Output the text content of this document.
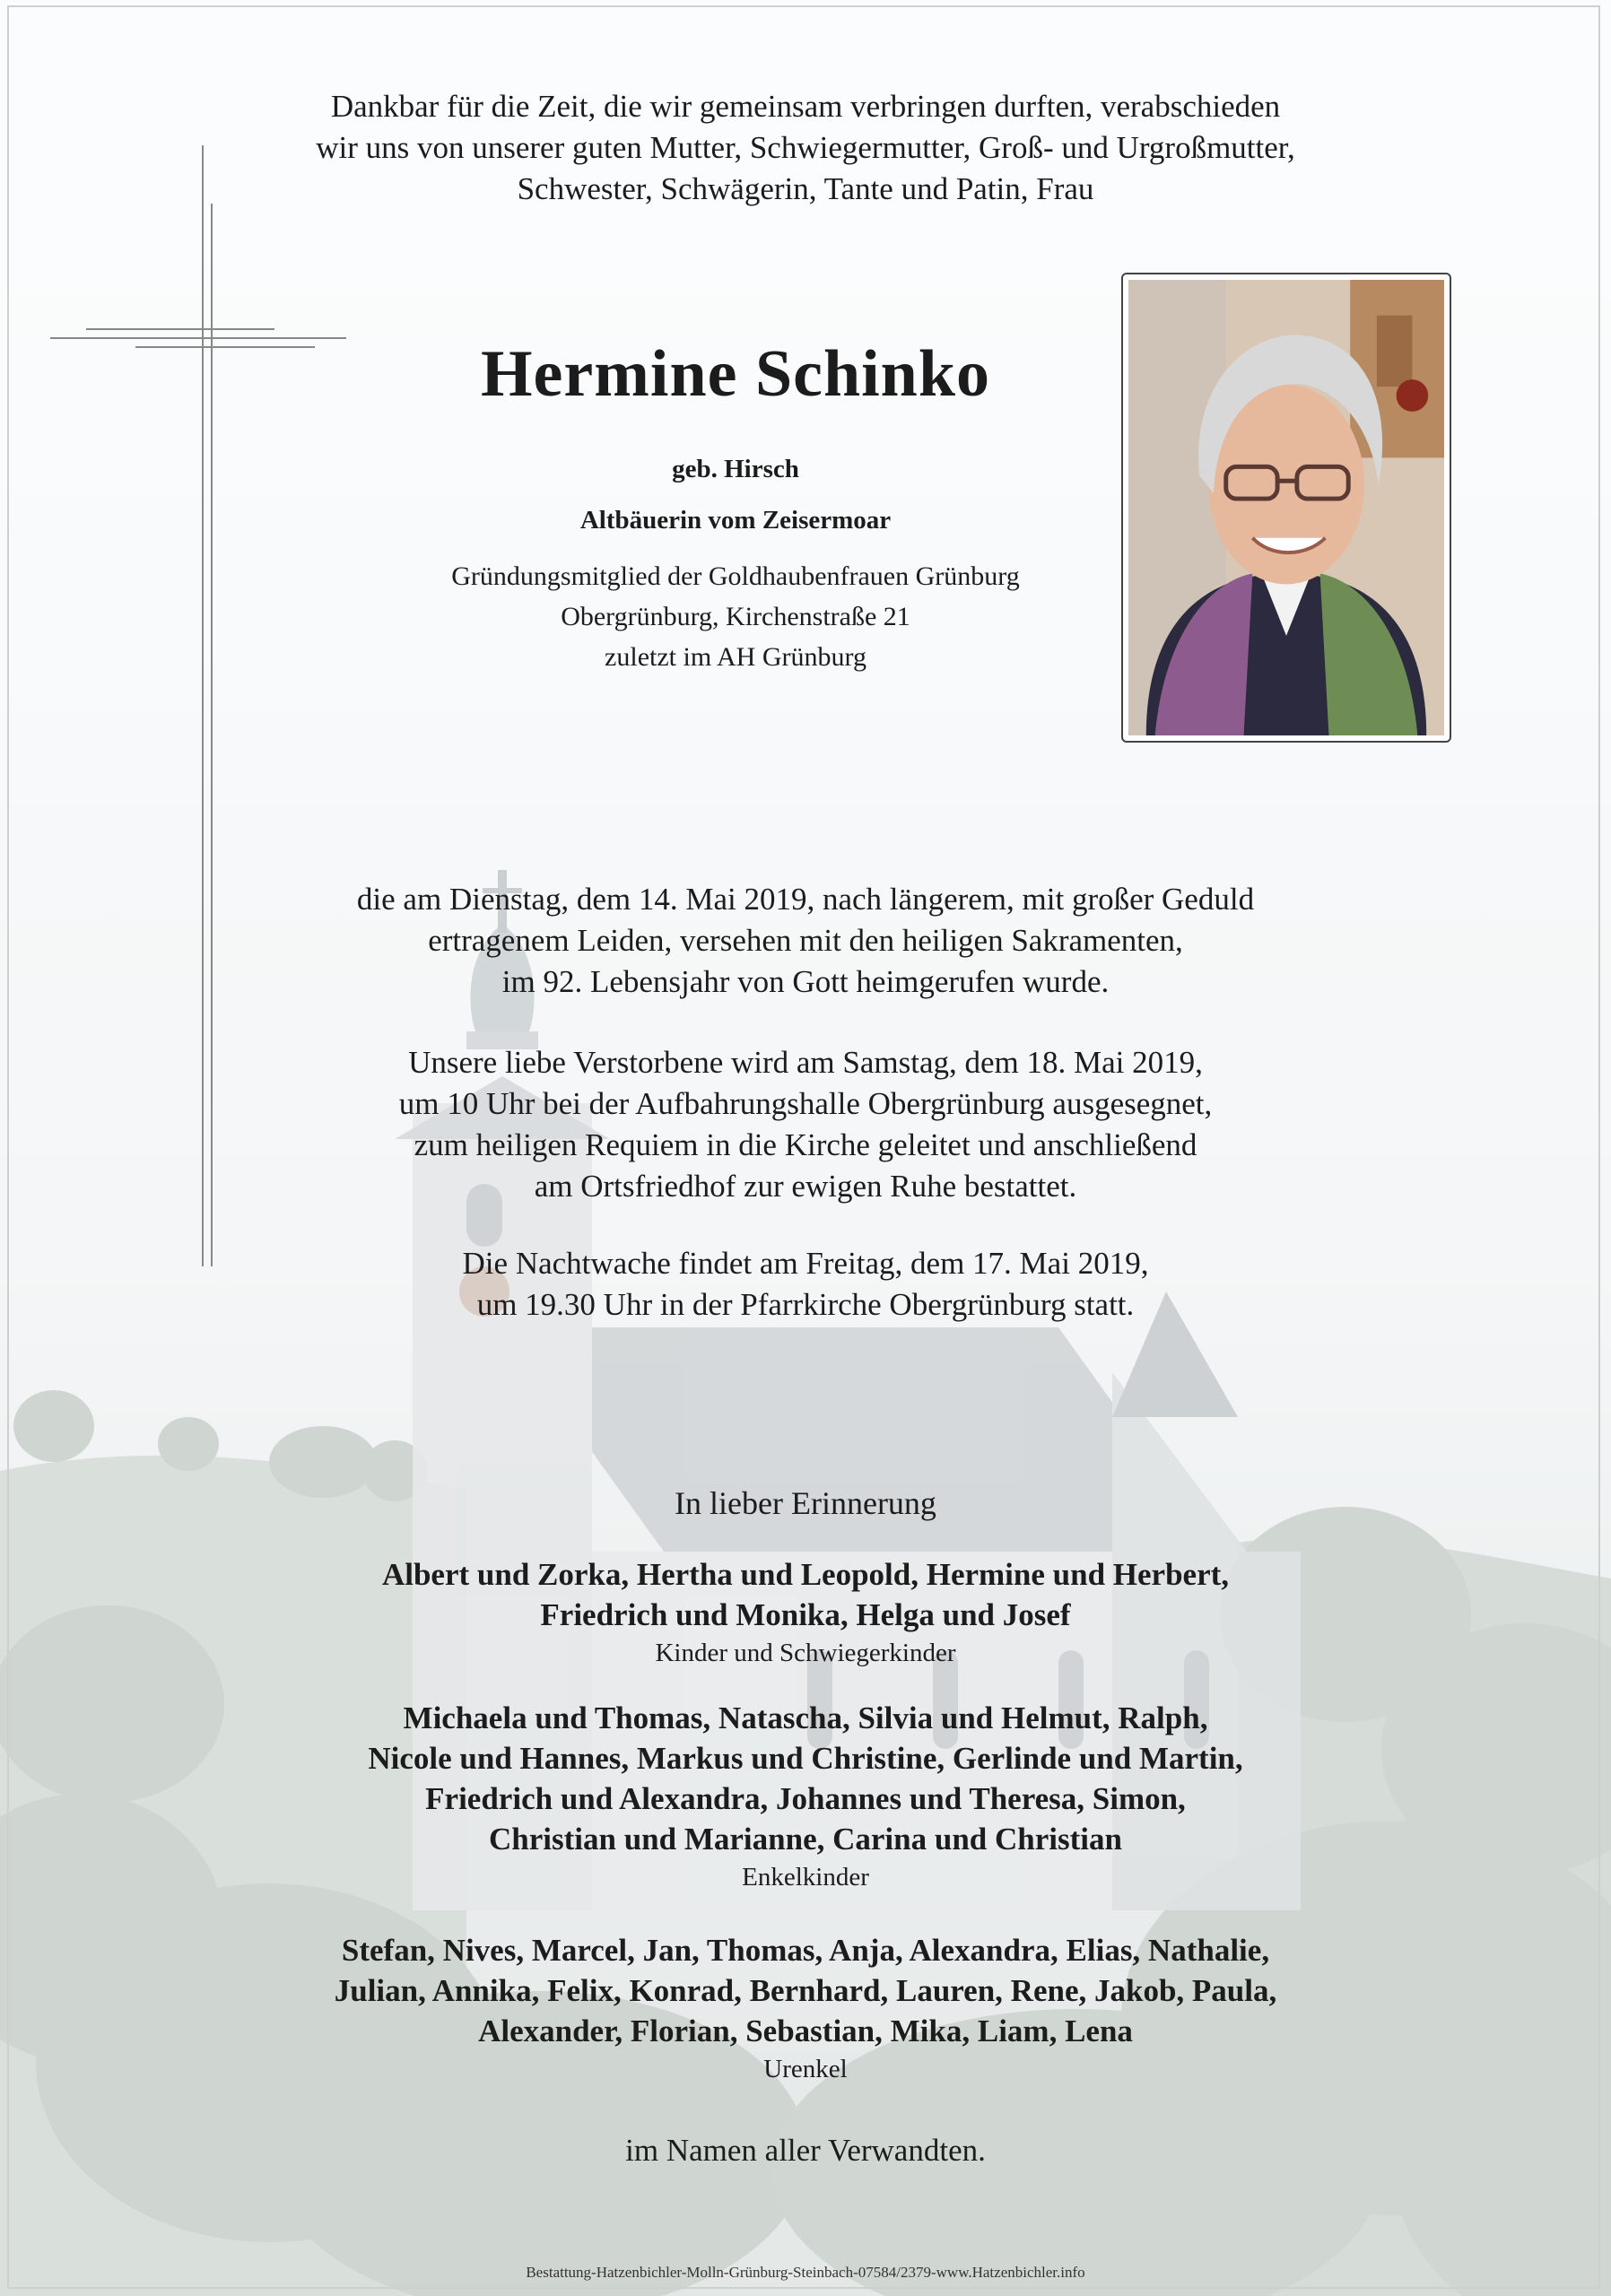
Dankbar für die Zeit, die wir gemeinsam verbringen durften, verabschieden
wir uns von unserer guten Mutter, Schwiegermutter, Groß- und Urgroßmutter,
Schwester, Schwägerin, Tante und Patin, Frau
Hermine Schinko
geb. Hirsch
Altbäuerin vom Zeisermoar
Gründungsmitglied der Goldhaubenfrauen Grünburg
Obergrünburg, Kirchenstraße 21
zuletzt im AH Grünburg
die am Dienstag, dem 14. Mai 2019, nach längerem, mit großer Geduld
ertragenem Leiden, versehen mit den heiligen Sakramenten,
im 92. Lebensjahr von Gott heimgerufen wurde.
Unsere liebe Verstorbene wird am Samstag, dem 18. Mai 2019,
um 10 Uhr bei der Aufbahrungshalle Obergrünburg ausgesegnet,
zum heiligen Requiem in die Kirche geleitet und anschließend
am Ortsfriedhof zur ewigen Ruhe bestattet.
Die Nachtwache findet am Freitag, dem 17. Mai 2019,
um 19.30 Uhr in der Pfarrkirche Obergrünburg statt.
In lieber Erinnerung
Albert und Zorka, Hertha und Leopold, Hermine und Herbert,
Friedrich und Monika, Helga und Josef
Kinder und Schwiegerkinder
Michaela und Thomas, Natascha, Silvia und Helmut, Ralph,
Nicole und Hannes, Markus und Christine, Gerlinde und Martin,
Friedrich und Alexandra, Johannes und Theresa, Simon,
Christian und Marianne, Carina und Christian
Enkelkinder
Stefan, Nives, Marcel, Jan, Thomas, Anja, Alexandra, Elias, Nathalie,
Julian, Annika, Felix, Konrad, Bernhard, Lauren, Rene, Jakob, Paula,
Alexander, Florian, Sebastian, Mika, Liam, Lena
Urenkel
im Namen aller Verwandten.
Bestattung-Hatzenbichler-Molln-Grünburg-Steinbach-07584/2379-www.Hatzenbichler.info
